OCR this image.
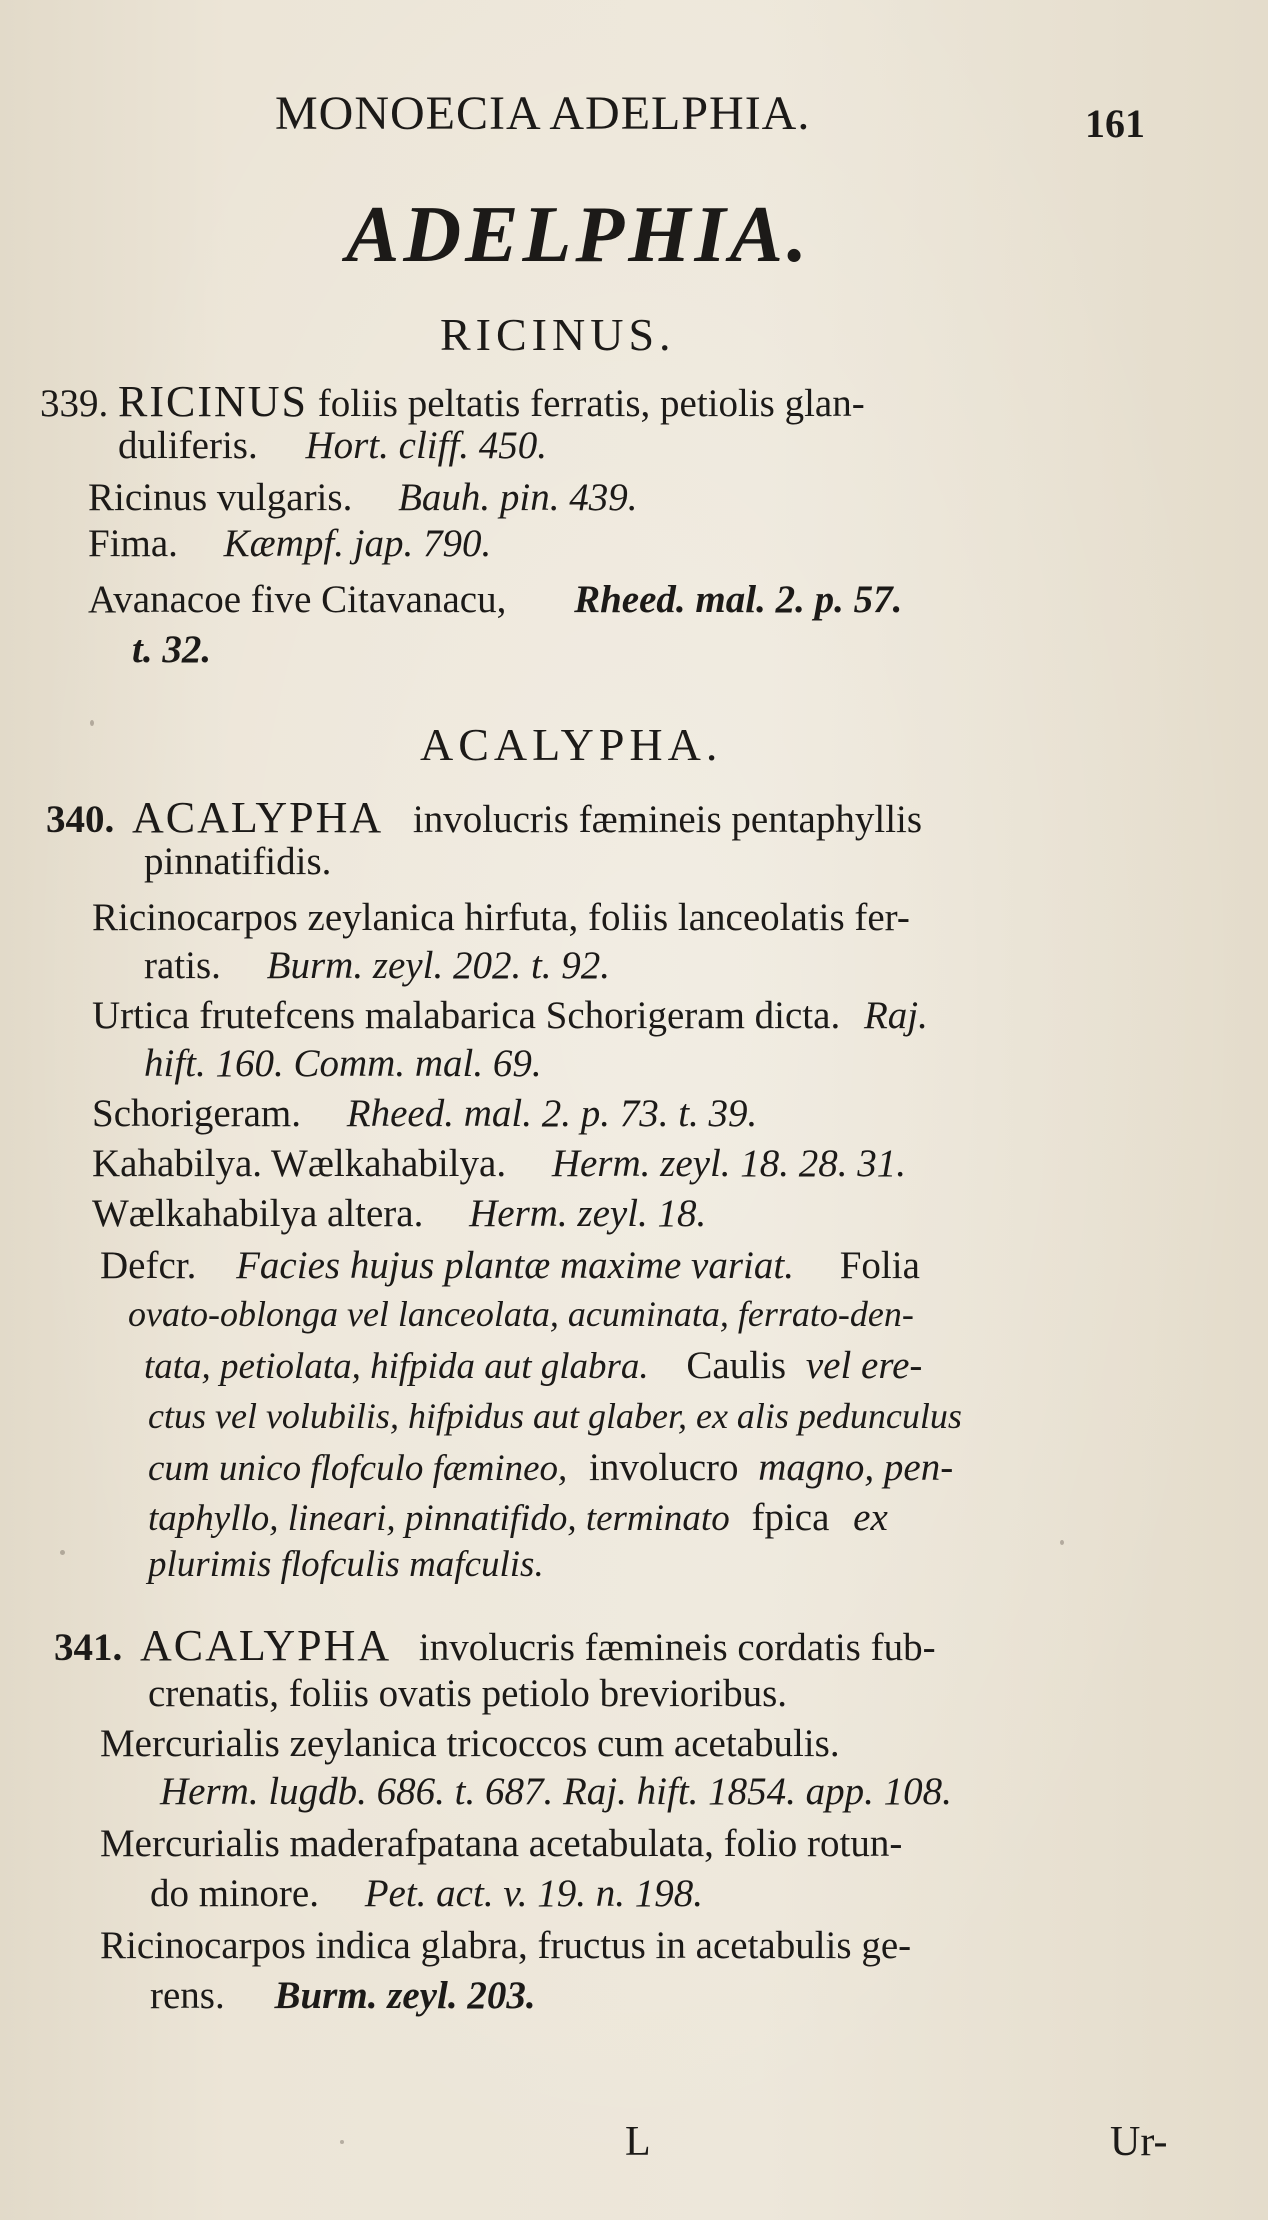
MONOECIA ADELPHIA.	161
ADELPHIA.
RICINUS.
339. RICINUS foliis peltatis ferratis, petiolis glan-
duliferis. Hort. cliff. 450.
Ricinus vulgaris. Bauh. pin. 439.
Fima. Kæmpf. jap. 790.
Avanacoe five Citavanacu, Rheed. mal. 2. p. 57.
t. 32.
ACALYPHA.
340. ACALYPHA involucris fæmineis pentaphyllis
pinnatifidis.
Ricinocarpos zeylanica hirfuta, foliis lanceolatis fer-
ratis. Burm. zeyl. 202. t. 92.
Urtica frutefcens malabarica Schorigeram dicta. Raj.
hift. 160. Comm. mal. 69.
Schorigeram. Rheed. mal. 2. p. 73. t. 39.
Kahabilya. Wælkahabilya. Herm. zeyl. 18. 28. 31.
Wælkahabilya altera. Herm. zeyl. 18.
Defcr. Facies hujus plantæ maxime variat. Folia
ovato-oblonga vel lanceolata, acuminata, ferrato-den-
tata, petiolata, hifpida aut glabra. Caulis vel ere-
ctus vel volubilis, hifpidus aut glaber, ex alis pedunculus
cum unico flofculo fæmineo, involucro magno, pen-
taphyllo, lineari, pinnatifido, terminato fpica ex
plurimis flofculis mafculis.
341. ACALYPHA involucris fæmineis cordatis fub-
crenatis, foliis ovatis petiolo brevioribus.
Mercurialis zeylanica tricoccos cum acetabulis.
Herm. lugdb. 686. t. 687. Raj. hift. 1854. app. 108.
Mercurialis maderafpatana acetabulata, folio rotun-
do minore. Pet. act. v. 19. n. 198.
Ricinocarpos indica glabra, fructus in acetabulis ge-
rens. Burm. zeyl. 203.
L	Ur-
